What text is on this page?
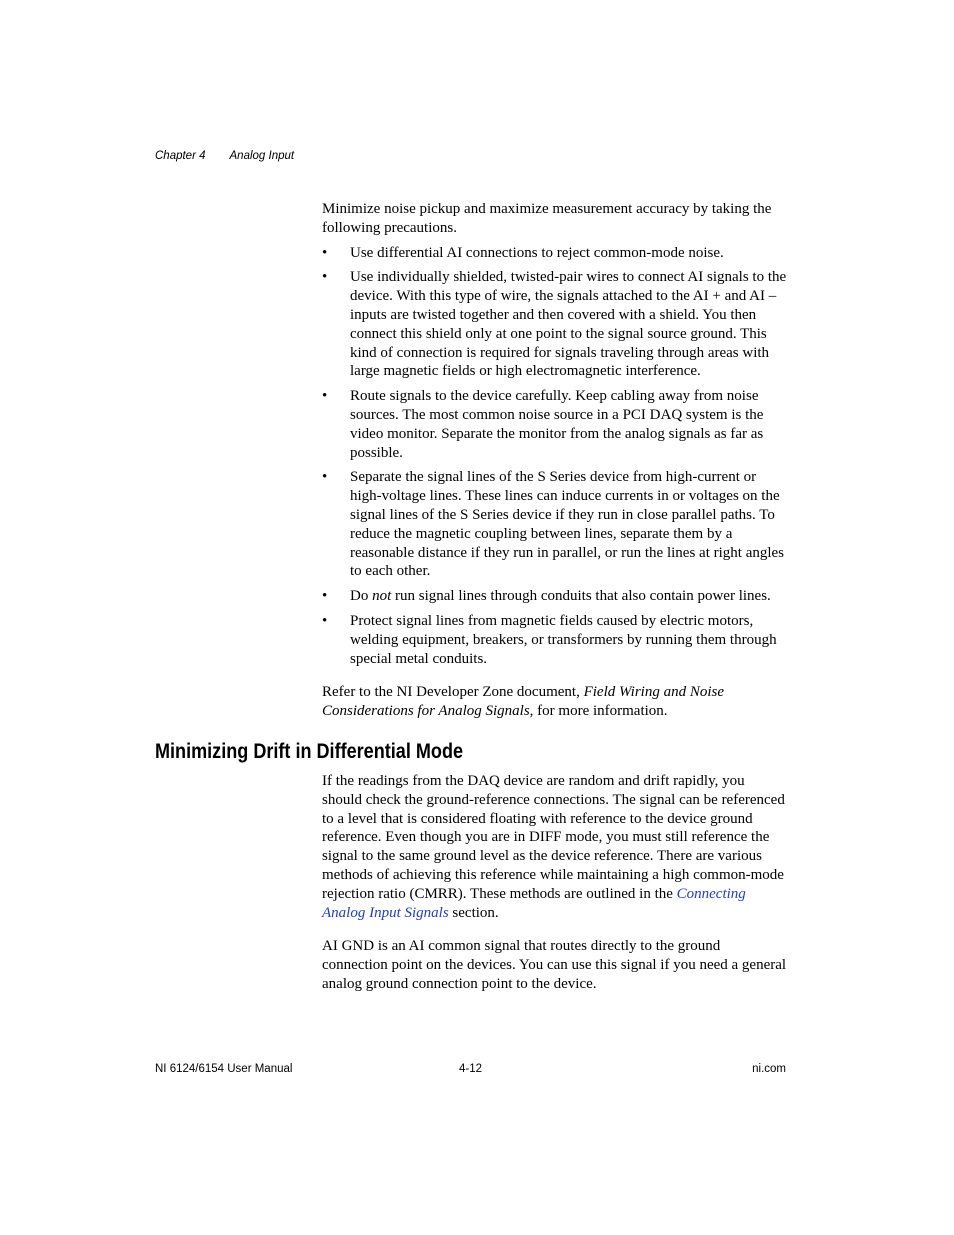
Chapter 4 Analog Input

Minimize noise pickup and maximize measurement accuracy by taking the following precautions.

• Use differential AI connections to reject common-mode noise.
• Use individually shielded, twisted-pair wires to connect AI signals to the device. With this type of wire, the signals attached to the AI + and AI – inputs are twisted together and then covered with a shield. You then connect this shield only at one point to the signal source ground. This kind of connection is required for signals traveling through areas with large magnetic fields or high electromagnetic interference.
• Route signals to the device carefully. Keep cabling away from noise sources. The most common noise source in a PCI DAQ system is the video monitor. Separate the monitor from the analog signals as far as possible.
• Separate the signal lines of the S Series device from high-current or high-voltage lines. These lines can induce currents in or voltages on the signal lines of the S Series device if they run in close parallel paths. To reduce the magnetic coupling between lines, separate them by a reasonable distance if they run in parallel, or run the lines at right angles to each other.
• Do not run signal lines through conduits that also contain power lines.
• Protect signal lines from magnetic fields caused by electric motors, welding equipment, breakers, or transformers by running them through special metal conduits.

Refer to the NI Developer Zone document, Field Wiring and Noise Considerations for Analog Signals, for more information.

Minimizing Drift in Differential Mode

If the readings from the DAQ device are random and drift rapidly, you should check the ground-reference connections. The signal can be referenced to a level that is considered floating with reference to the device ground reference. Even though you are in DIFF mode, you must still reference the signal to the same ground level as the device reference. There are various methods of achieving this reference while maintaining a high common-mode rejection ratio (CMRR). These methods are outlined in the Connecting Analog Input Signals section.

AI GND is an AI common signal that routes directly to the ground connection point on the devices. You can use this signal if you need a general analog ground connection point to the device.

NI 6124/6154 User Manual	4-12	ni.com
